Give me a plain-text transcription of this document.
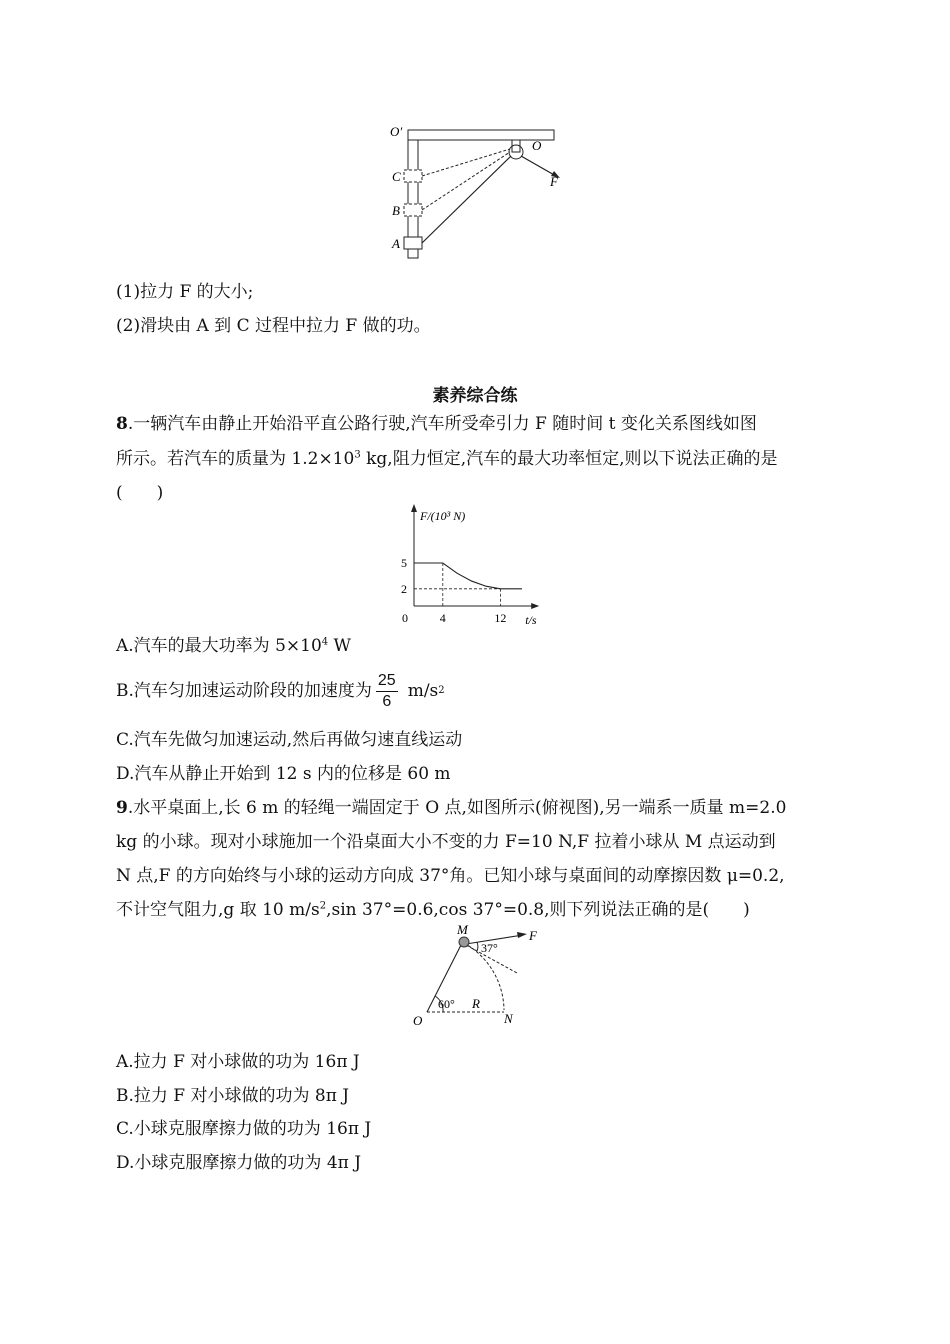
O′
O
C
B
A
F
(1)拉力 F 的大小;
(2)滑块由 A 到 C 过程中拉力 F 做的功。
素养综合练
8.一辆汽车由静止开始沿平直公路行驶,汽车所受牵引力 F 随时间 t 变化关系图线如图
所示。若汽车的质量为 $1.2\times 10^3$ kg,阻力恒定,汽车的最大功率恒定,则以下说法正确的是
(　　)
0	4	12
5
2
F/(10³ N)
t/s
A.汽车的最大功率为 $5\times 10^4$ W
B.汽车匀加速运动阶段的加速度为 $\frac{25}{6} m/s$ 2
C.汽车先做匀加速运动,然后再做匀速直线运动
D.汽车从静止开始到 12 s 内的位移是 60 m
9.水平桌面上,长 6 m 的轻绳一端固定于 O 点,如图所示(俯视图),另一端系一质量 m=2.0
kg 的小球。现对小球施加一个沿桌面大小不变的力 F=10 N,F 拉着小球从 M 点运动到
N 点,F 的方向始终与小球的运动方向成 37°角。已知小球与桌面间的动摩擦因数 μ=0.2,
不计空气阻力,g 取 10 $m/s^2,\sin$ 37°=0.6,cos 37°=0.8,则下列说法正确的是(　　)
M	F
37°
60° R
O	N
A.拉力 F 对小球做的功为 16π J
B.拉力 F 对小球做的功为 8π J
C.小球克服摩擦力做的功为 16π J
D.小球克服摩擦力做的功为 4π J
